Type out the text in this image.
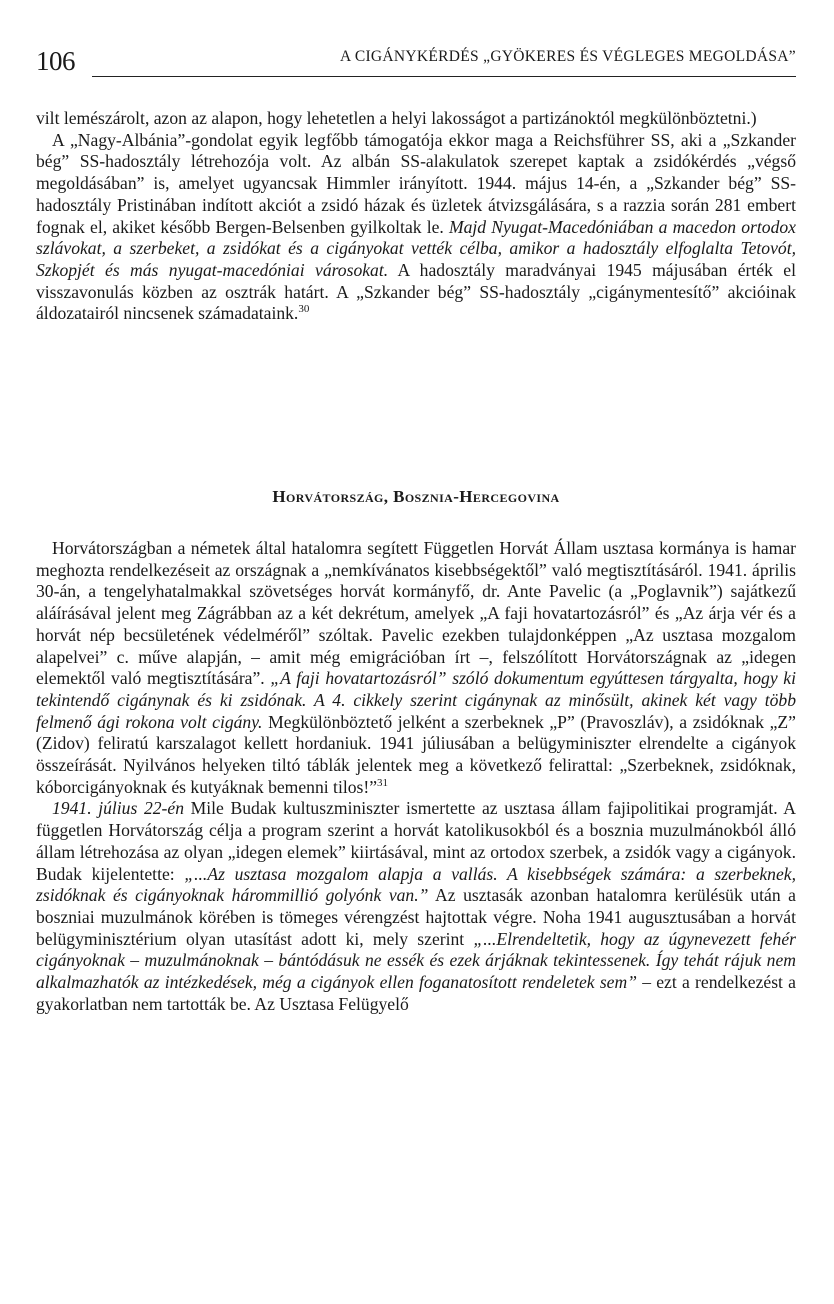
106	A CIGÁNYKÉRDÉS „GYÖKERES ÉS VÉGLEGES MEGOLDÁSA”

vilt lemészárolt, azon az alapon, hogy lehetetlen a helyi lakosságot a partizánoktól megkülönböztetni.)

A „Nagy-Albánia”-gondolat egyik legfőbb támogatója ekkor maga a Reichsführer SS, aki a „Szkander bég” SS-hadosztály létrehozója volt. Az albán SS-alakulatok szerepet kaptak a zsidókérdés „végső megoldásában” is, amelyet ugyancsak Himmler irányított. 1944. május 14-én, a „Szkander bég” SS-hadosztály Pristinában indított akciót a zsidó házak és üzletek átvizsgálására, s a razzia során 281 embert fognak el, akiket később Bergen-Belsenben gyilkoltak le. Majd Nyugat-Macedóniában a macedon ortodox szlávokat, a szerbeket, a zsidókat és a cigányokat vették célba, amikor a hadosztály elfoglalta Tetovót, Szkopjét és más nyugat-macedóniai városokat. A hadosztály maradványai 1945 májusában érték el visszavonulás közben az osztrák határt. A „Szkander bég” SS-hadosztály „cigánymentesítő” akcióinak áldozatairól nincsenek számadataink.$^{30}$

Horvátország, Bosznia-Hercegovina

Horvátországban a németek által hatalomra segített Független Horvát Állam usztasa kormánya is hamar meghozta rendelkezéseit az országnak a „nemkívánatos kisebbségektől” való megtisztításáról. 1941. április 30-án, a tengelyhatalmakkal szövetséges horvát kormányfő, dr. Ante Pavelic (a „Poglavnik”) sajátkezű aláírásával jelent meg Zágrábban az a két dekrétum, amelyek „A faji hovatartozásról” és „Az árja vér és a horvát nép becsületének védelméről” szóltak. Pavelic ezekben tulajdonképpen „Az usztasa mozgalom alapelvei” c. műve alapján, – amit még emigrációban írt –, felszólított Horvátországnak az „idegen elemektől való megtisztítására”. „A faji hovatartozásról” szóló dokumentum egyúttesen tárgyalta, hogy ki tekintendő cigánynak és ki zsidónak. A 4. cikkely szerint cigánynak az minősült, akinek két vagy több felmenő ági rokona volt cigány. Megkülönböztető jelként a szerbeknek „P” (Pravoszláv), a zsidóknak „Z” (Zidov) feliratú karszalagot kellett hordaniuk. 1941 júliusában a belügyminiszter elrendelte a cigányok összeírását. Nyilvános helyeken tiltó táblák jelentek meg a következő felirattal: „Szerbeknek, zsidóknak, kóborcigányoknak és kutyáknak bemenni tilos!”$^{31}$

1941. július 22-én Mile Budak kultuszminiszter ismertette az usztasa állam fajipolitikai programját. A független Horvátország célja a program szerint a horvát katolikusokból és a bosznia muzulmánokból álló állam létrehozása az olyan „idegen elemek” kiirtásával, mint az ortodox szerbek, a zsidók vagy a cigányok. Budak kijelentette: „...Az usztasa mozgalom alapja a vallás. A kisebbségek számára: a szerbeknek, zsidóknak és cigányoknak hárommillió golyónk van.” Az usztasák azonban hatalomra kerülésük után a boszniai muzulmánok körében is tömeges vérengzést hajtottak végre. Noha 1941 augusztusában a horvát belügyminisztérium olyan utasítást adott ki, mely szerint „...Elrendeltetik, hogy az úgynevezett fehér cigányoknak – muzulmánoknak – bántódásuk ne essék és ezek árjáknak tekintessenek. Így tehát rájuk nem alkalmazhatók az intézkedések, még a cigányok ellen foganatosított rendeletek sem” – ezt a rendelkezést a gyakorlatban nem tartották be. Az Usztasa Felügyelő
